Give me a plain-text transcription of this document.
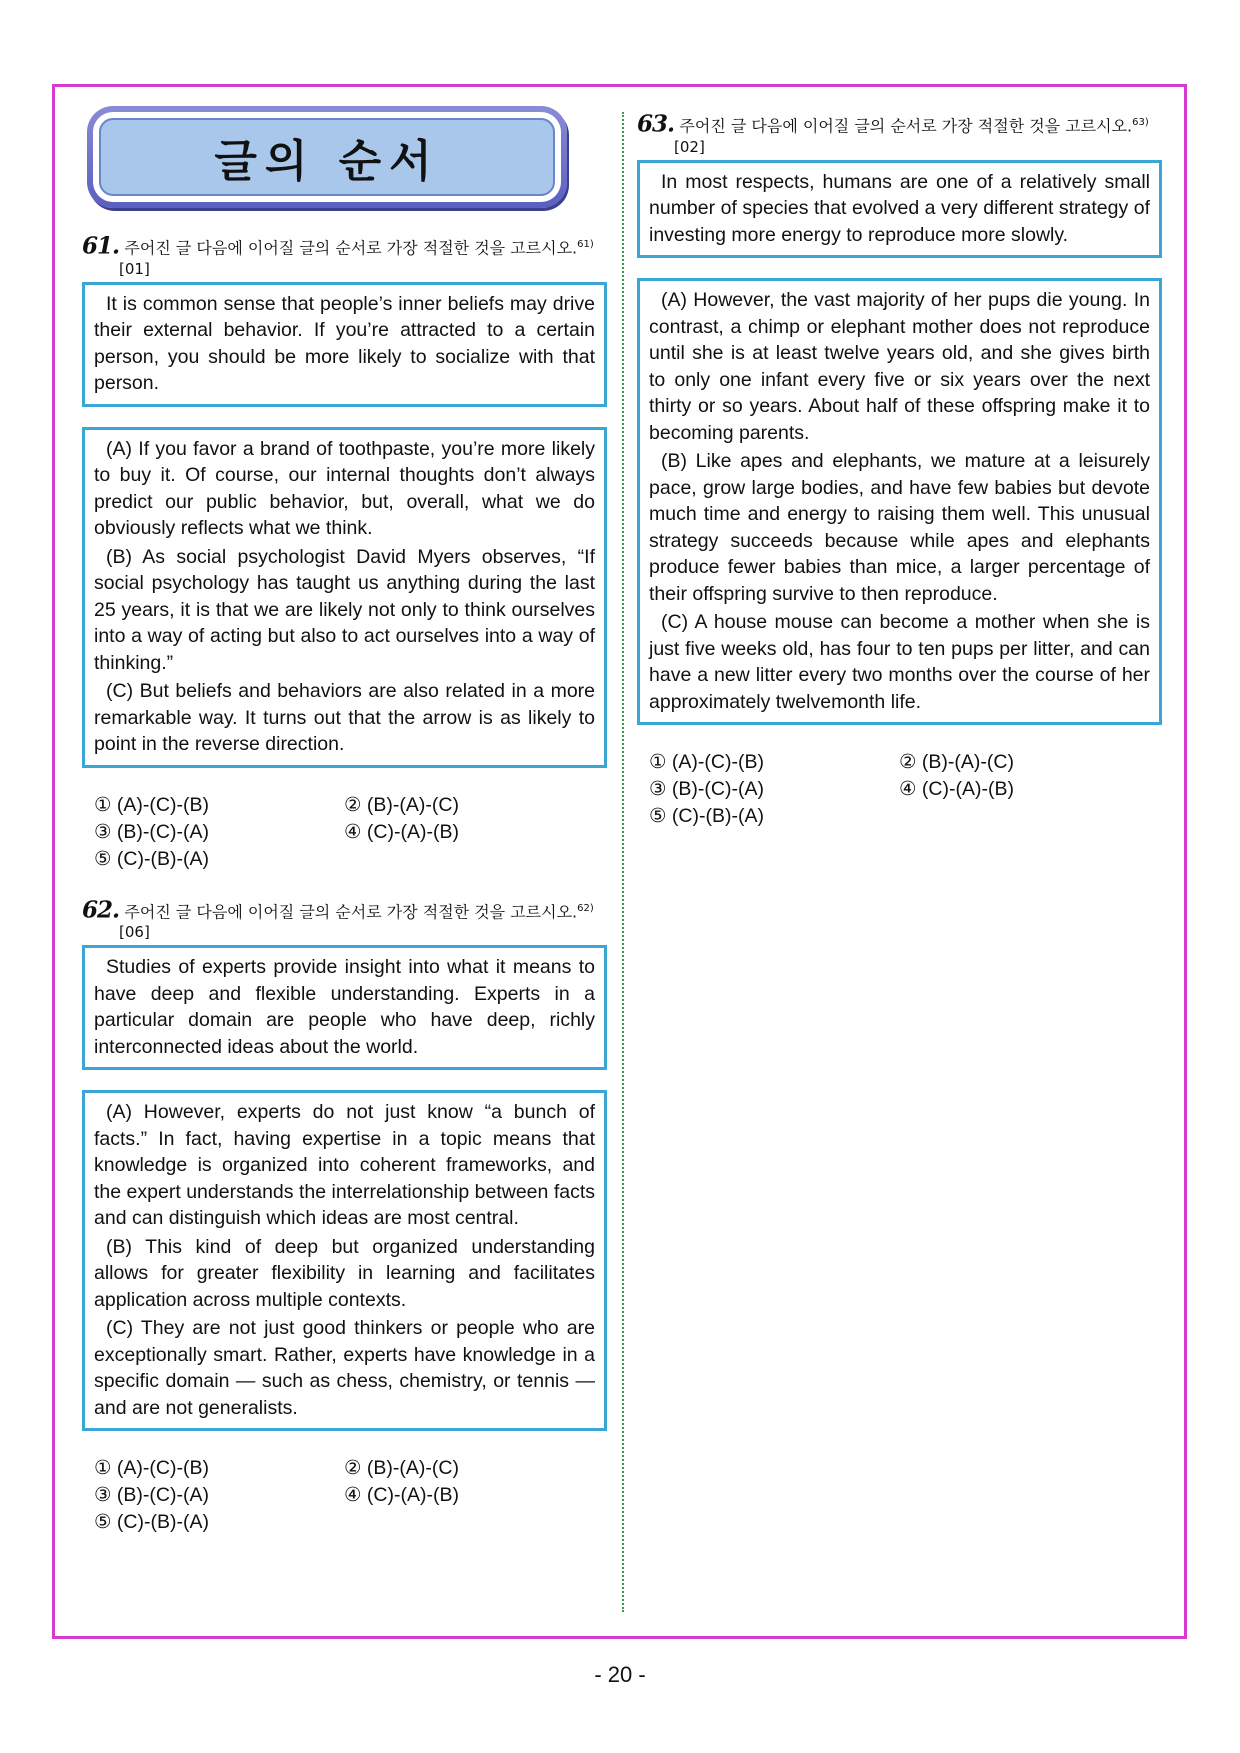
글의 순서
61. 주어진 글 다음에 이어질 글의 순서로 가장 적절한 것을 고르시오.$^{61)}$
[01]

It is common sense that people’s inner beliefs may drive their external behavior. If you’re attracted to a certain person, you should be more likely to socialize with that person.

(A) If you favor a brand of toothpaste, you’re more likely to buy it. Of course, our internal thoughts don’t always predict our public behavior, but, overall, what we do obviously reflects what we think.

(B) As social psychologist David Myers observes, “If social psychology has taught us anything during the last 25 years, it is that we are likely not only to think ourselves into a way of acting but also to act ourselves into a way of thinking.”

(C) But beliefs and behaviors are also related in a more remarkable way. It turns out that the arrow is as likely to point in the reverse direction.

① (A)-(C)-(B)	② (B)-(A)-(C)
③ (B)-(C)-(A)	④ (C)-(A)-(B)
⑤ (C)-(B)-(A)
62. 주어진 글 다음에 이어질 글의 순서로 가장 적절한 것을 고르시오.$^{62)}$
[06]

Studies of experts provide insight into what it means to have deep and flexible understanding. Experts in a particular domain are people who have deep, richly interconnected ideas about the world.

(A) However, experts do not just know “a bunch of facts.” In fact, having expertise in a topic means that knowledge is organized into coherent frameworks, and the expert understands the interrelationship between facts and can distinguish which ideas are most central.

(B) This kind of deep but organized understanding allows for greater flexibility in learning and facilitates application across multiple contexts.

(C) They are not just good thinkers or people who are exceptionally smart. Rather, experts have knowledge in a specific domain — such as chess, chemistry, or tennis — and are not generalists.

① (A)-(C)-(B)	② (B)-(A)-(C)
③ (B)-(C)-(A)	④ (C)-(A)-(B)
⑤ (C)-(B)-(A)
63. 주어진 글 다음에 이어질 글의 순서로 가장 적절한 것을 고르시오.$^{63)}$
[02]

In most respects, humans are one of a relatively small number of species that evolved a very different strategy of investing more energy to reproduce more slowly.

(A) However, the vast majority of her pups die young. In contrast, a chimp or elephant mother does not reproduce until she is at least twelve years old, and she gives birth to only one infant every five or six years over the next thirty or so years. About half of these offspring make it to becoming parents.

(B) Like apes and elephants, we mature at a leisurely pace, grow large bodies, and have few babies but devote much time and energy to raising them well. This unusual strategy succeeds because while apes and elephants produce fewer babies than mice, a larger percentage of their offspring survive to then reproduce.

(C) A house mouse can become a mother when she is just five weeks old, has four to ten pups per litter, and can have a new litter every two months over the course of her approximately twelvemonth life.

① (A)-(C)-(B)	② (B)-(A)-(C)
③ (B)-(C)-(A)	④ (C)-(A)-(B)
⑤ (C)-(B)-(A)
- 20 -
